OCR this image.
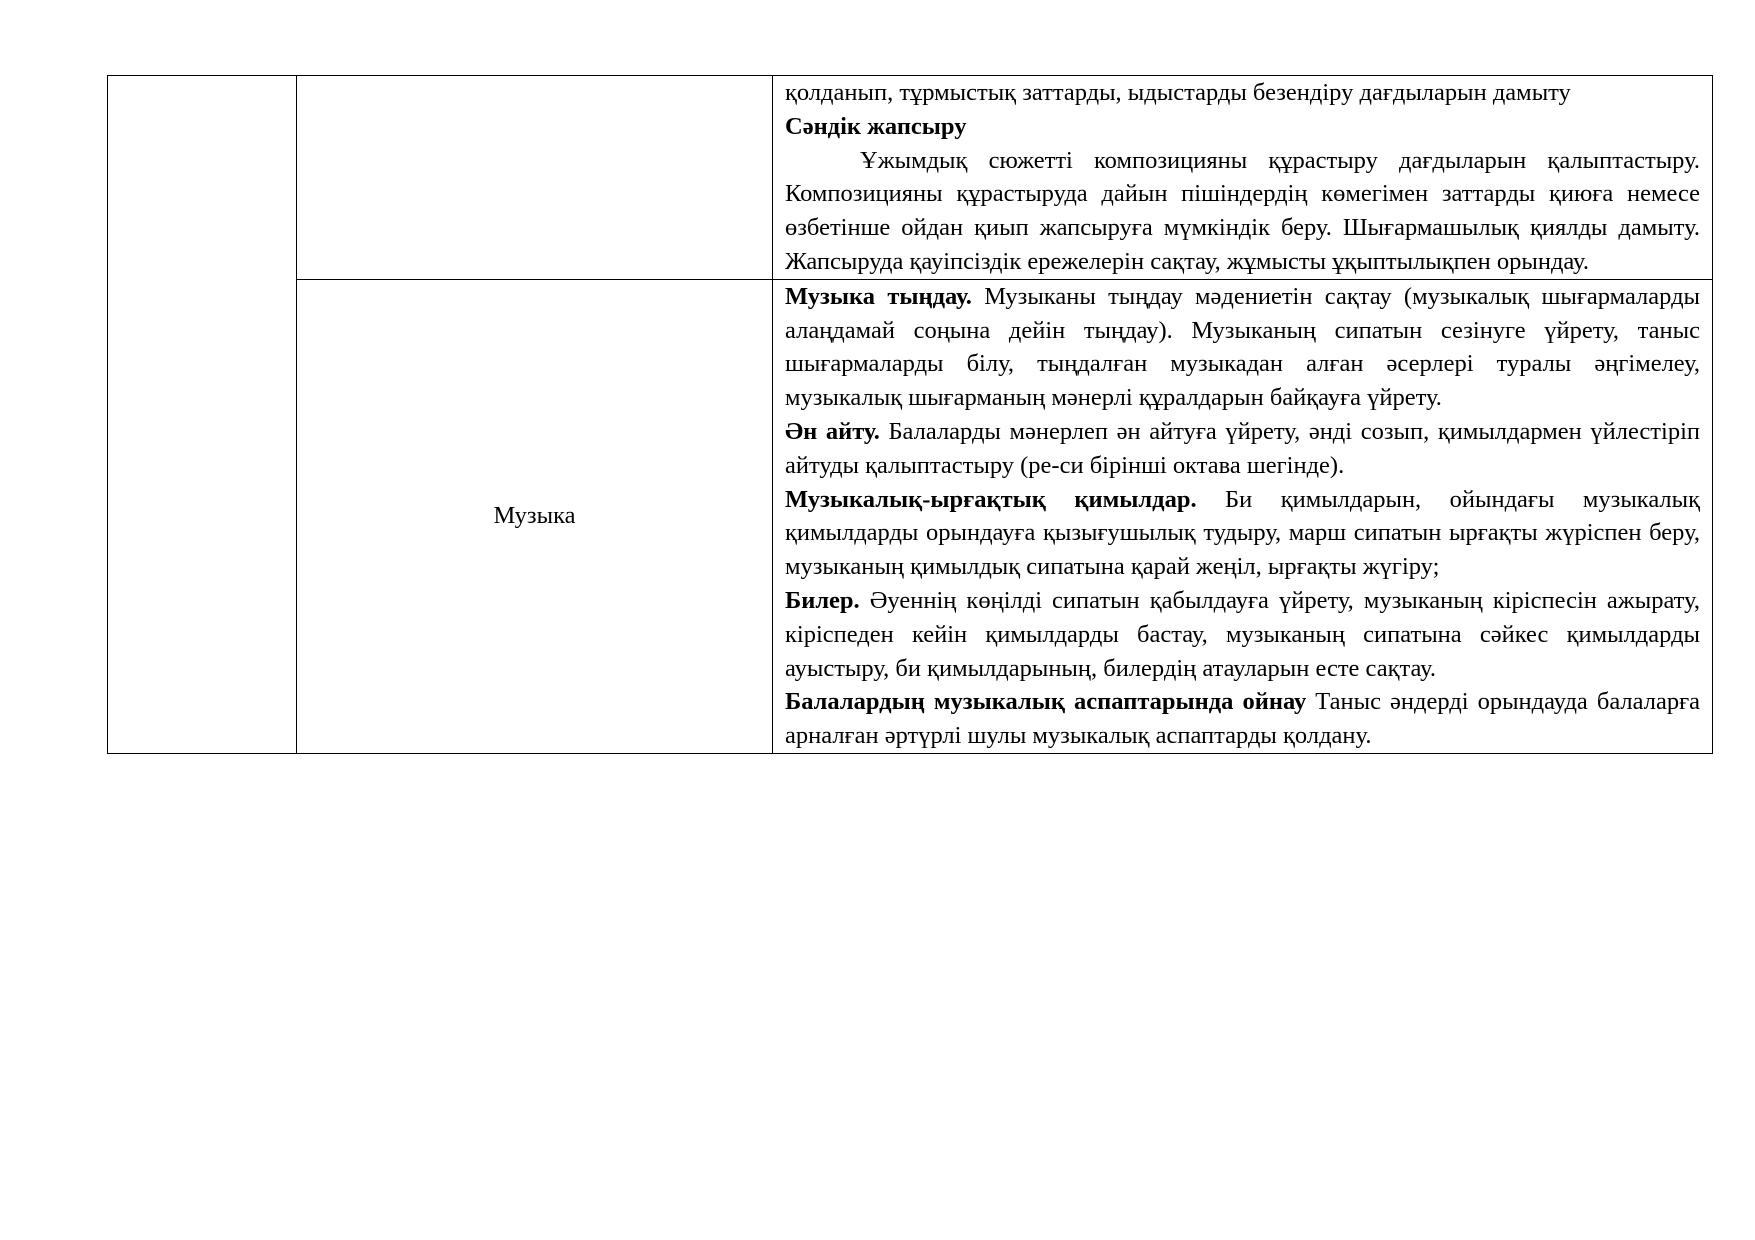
		қолданып, тұрмыстық заттарды, ыдыстарды безендіру дағдыларын дамыту

Сәндік жапсыру

Ұжымдық сюжетті композицияны құрастыру дағдыларын қалыптастыру. Композицияны құрастыруда дайын пішіндердің көмегімен заттарды қиюға немесе өзбетінше ойдан қиып жапсыруға мүмкіндік беру. Шығармашылық қиялды дамыту. Жапсыруда қауіпсіздік ережелерін сақтау, жұмысты ұқыптылықпен орындау.

	Музыка	Музыка тыңдау. Музыканы тыңдау мәдениетін сақтау (музыкалық шығармаларды алаңдамай соңына дейін тыңдау). Музыканың сипатын сезінуге үйрету, таныс шығармаларды білу, тыңдалған музыкадан алған әсерлері туралы әңгімелеу, музыкалық шығарманың мәнерлі құралдарын байқауға үйрету.

Ән айту. Балаларды мәнерлеп ән айтуға үйрету, әнді созып, қимылдармен үйлестіріп айтуды қалыптастыру (ре-си бірінші октава шегінде).

Музыкалық-ырғақтық қимылдар. Би қимылдарын, ойындағы музыкалық қимылдарды орындауға қызығушылық тудыру, марш сипатын ырғақты жүріспен беру, музыканың қимылдық сипатына қарай жеңіл, ырғақты жүгіру;

Билер. Әуеннің көңілді сипатын қабылдауға үйрету, музыканың кіріспесін ажырату, кіріспеден кейін қимылдарды бастау, музыканың сипатына сәйкес қимылдарды ауыстыру, би қимылдарының, билердің атауларын есте сақтау.

Балалардың музыкалық аспаптарында ойнау Таныс әндерді орындауда балаларға арналған әртүрлі шулы музыкалық аспаптарды қолдану.
